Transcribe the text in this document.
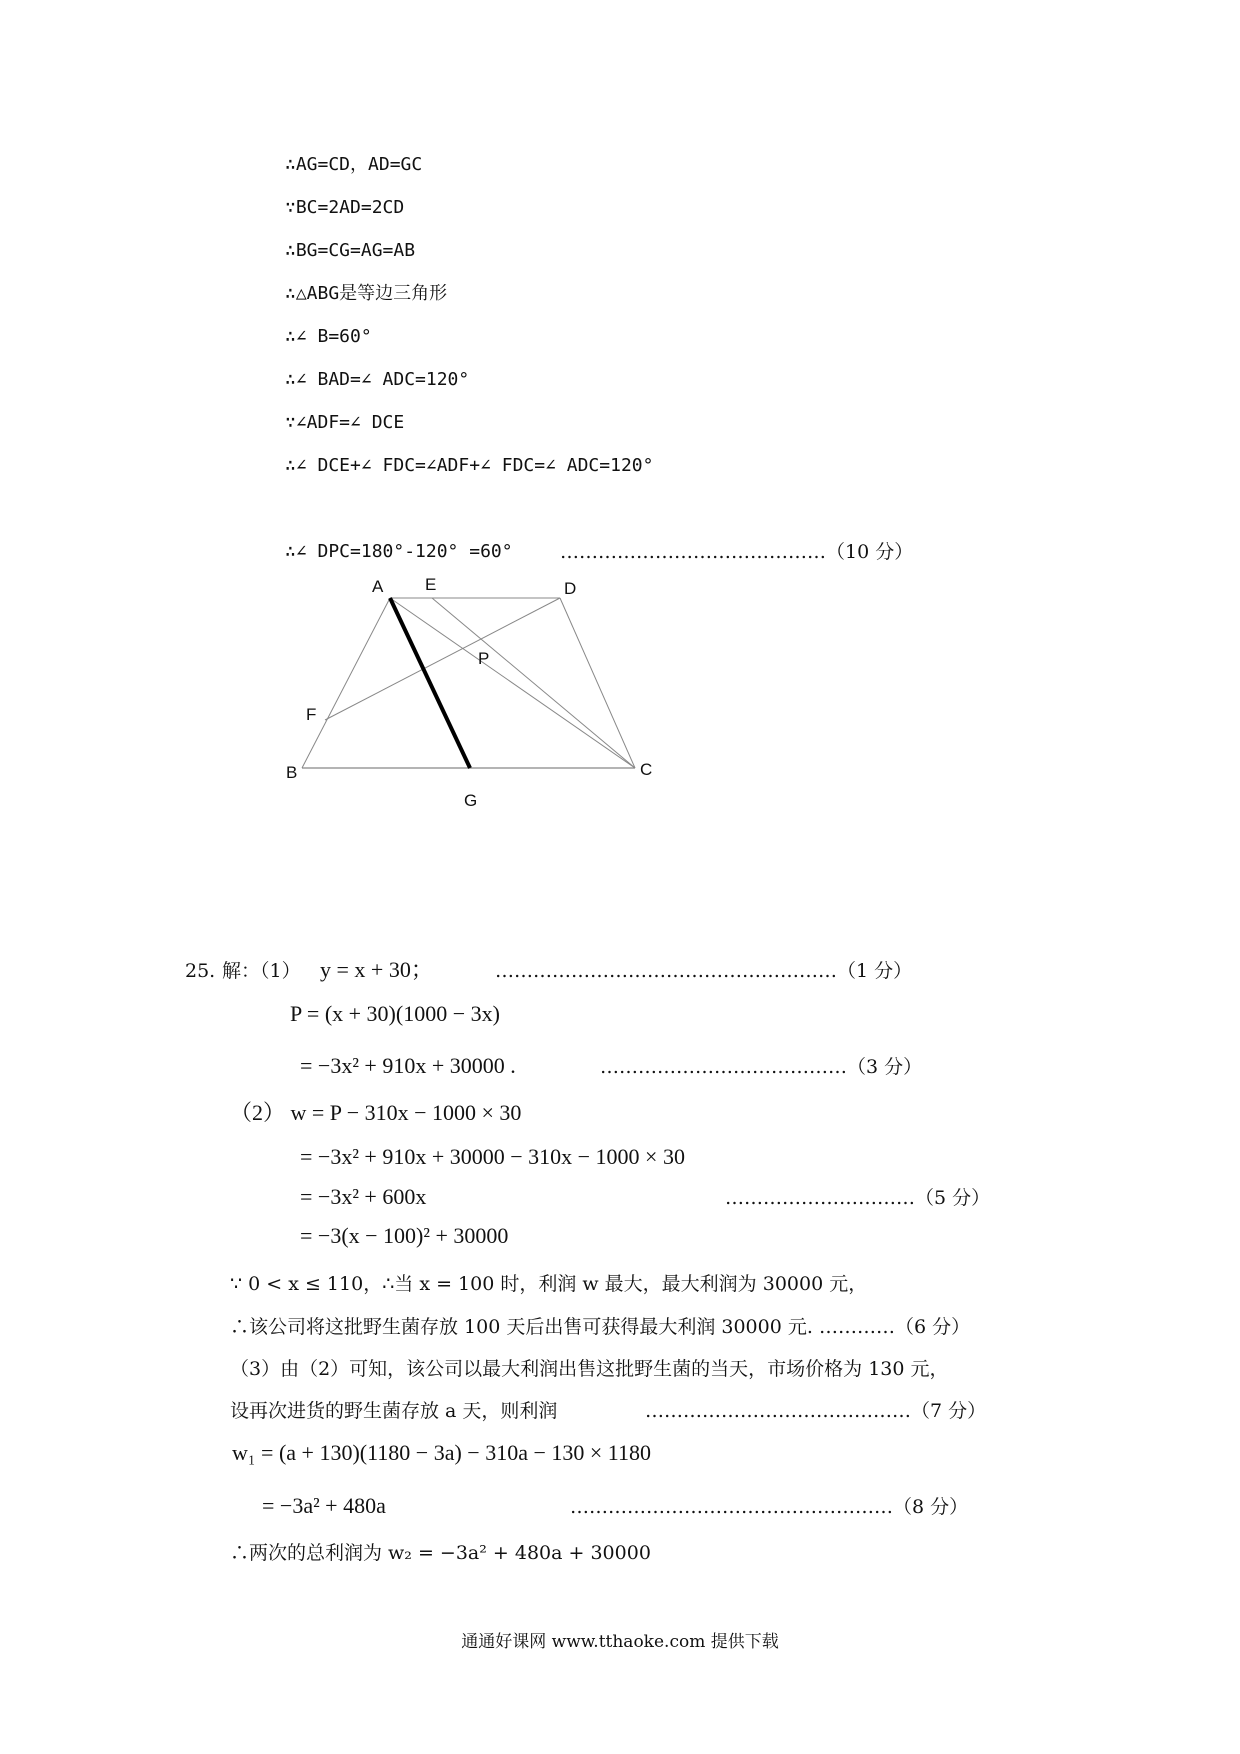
∴AG=CD，AD=GC
∵BC=2AD=2CD
∴BG=CG=AG=AB
∴△ABG是等边三角形
∴∠ B=60°
∴∠ BAD=∠ ADC=120°
∵∠ADF=∠ DCE
∴∠ DCE+∠ FDC=∠ADF+∠ FDC=∠ ADC=120°
∴∠ DPC=180°-120° =60° ……………………………………（10 分）
A E	D
P
F
B	C
G
25. 解：（1） y = x + 30；	………………………………………………（1 分）
P = (x + 30)(1000 − 3x)
= −3x² + 910x + 30000 .	…………………………………（3 分）
（2） w = P − 310x − 1000 × 30
= −3x² + 910x + 30000 − 310x − 1000 × 30
= −3x² + 600x	…………………………（5 分）
= −3(x − 100)² + 30000
∵ 0 < x ≤ 110，∴当 x = 100 时，利润 w 最大，最大利润为 30000 元，
∴该公司将这批野生菌存放 100 天后出售可获得最大利润 30000 元. …………（6 分）
（3）由（2）可知，该公司以最大利润出售这批野生菌的当天，市场价格为 130 元，
设再次进货的野生菌存放 a 天，则利润	……………………………………（7 分）
w₁ = (a + 130)(1180 − 3a) − 310a − 130 × 1180
= −3a² + 480a	……………………………………………（8 分）
∴两次的总利润为 w₂ = −3a² + 480a + 30000
通通好课网 www.tthaoke.com 提供下载
